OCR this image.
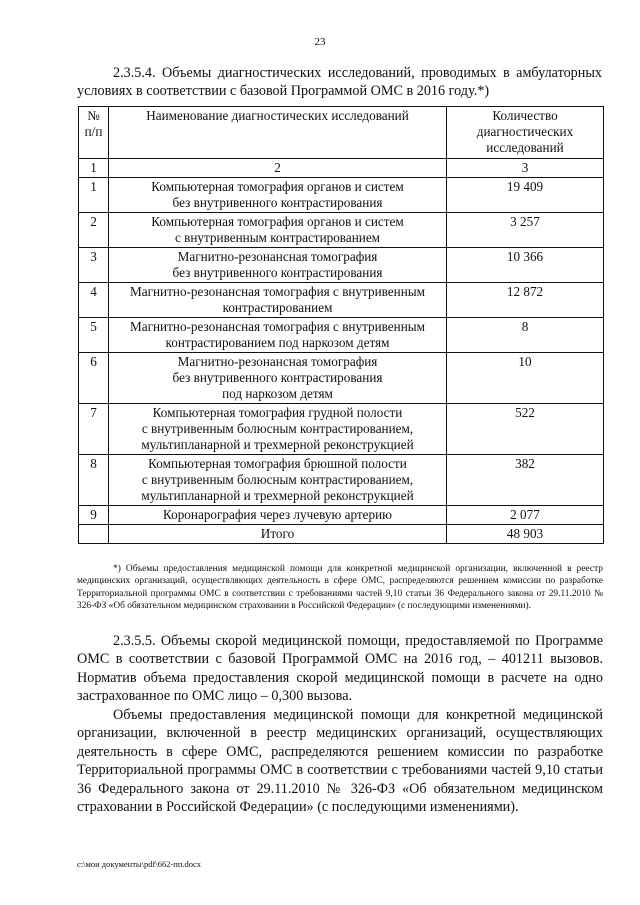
23
2.3.5.4. Объемы диагностических исследований, проводимых в амбулаторных условиях в соответствии с базовой Программой ОМС в 2016 году.*)
№ п/п	Наименование диагностических исследований	Количество диагностических исследований
1	2	3
1	Компьютерная томография органов и систем
без внутривенного контрастирования	19 409
2	Компьютерная томография органов и систем
с внутривенным контрастированием	3 257
3	Магнитно-резонансная томография
без внутривенного контрастирования	10 366
4	Магнитно-резонансная томография с внутривенным
контрастированием	12 872
5	Магнитно-резонансная томография с внутривенным
контрастированием под наркозом детям	8
6	Магнитно-резонансная томография
без внутривенного контрастирования
под наркозом детям	10
7	Компьютерная томография грудной полости
с внутривенным болюсным контрастированием,
мультипланарной и трехмерной реконструкцией	522
8	Компьютерная томография брюшной полости
с внутривенным болюсным контрастированием,
мультипланарной и трехмерной реконструкцией	382
9	Коронарография через лучевую артерию	2 077
	Итого	48 903
*) Объемы предоставления медицинской помощи для конкретной медицинской организации, включенной в реестр медицинских организаций, осуществляющих деятельность в сфере ОМС, распределяются решением комиссии по разработке Территориальной программы ОМС в соответствии с требованиями частей 9,10 статьи 36 Федерального закона от 29.11.2010 № 326-ФЗ «Об обязательном медицинском страховании в Российской Федерации» (с последующими изменениями).
2.3.5.5. Объемы скорой медицинской помощи, предоставляемой по Программе ОМС в соответствии с базовой Программой ОМС на 2016 год, – 401211 вызовов. Норматив объема предоставления скорой медицинской помощи в расчете на одно застрахованное по ОМС лицо – 0,300 вызова.
Объемы предоставления медицинской помощи для конкретной медицинской организации, включенной в реестр медицинских организаций, осуществляющих деятельность в сфере ОМС, распределяются решением комиссии по разработке Территориальной программы ОМС в соответствии с требованиями частей 9,10 статьи 36 Федерального закона от 29.11.2010 № 326-ФЗ «Об обязательном медицинском страховании в Российской Федерации» (с последующими изменениями).
c:\мои документы\pdf\662-пп.docx
